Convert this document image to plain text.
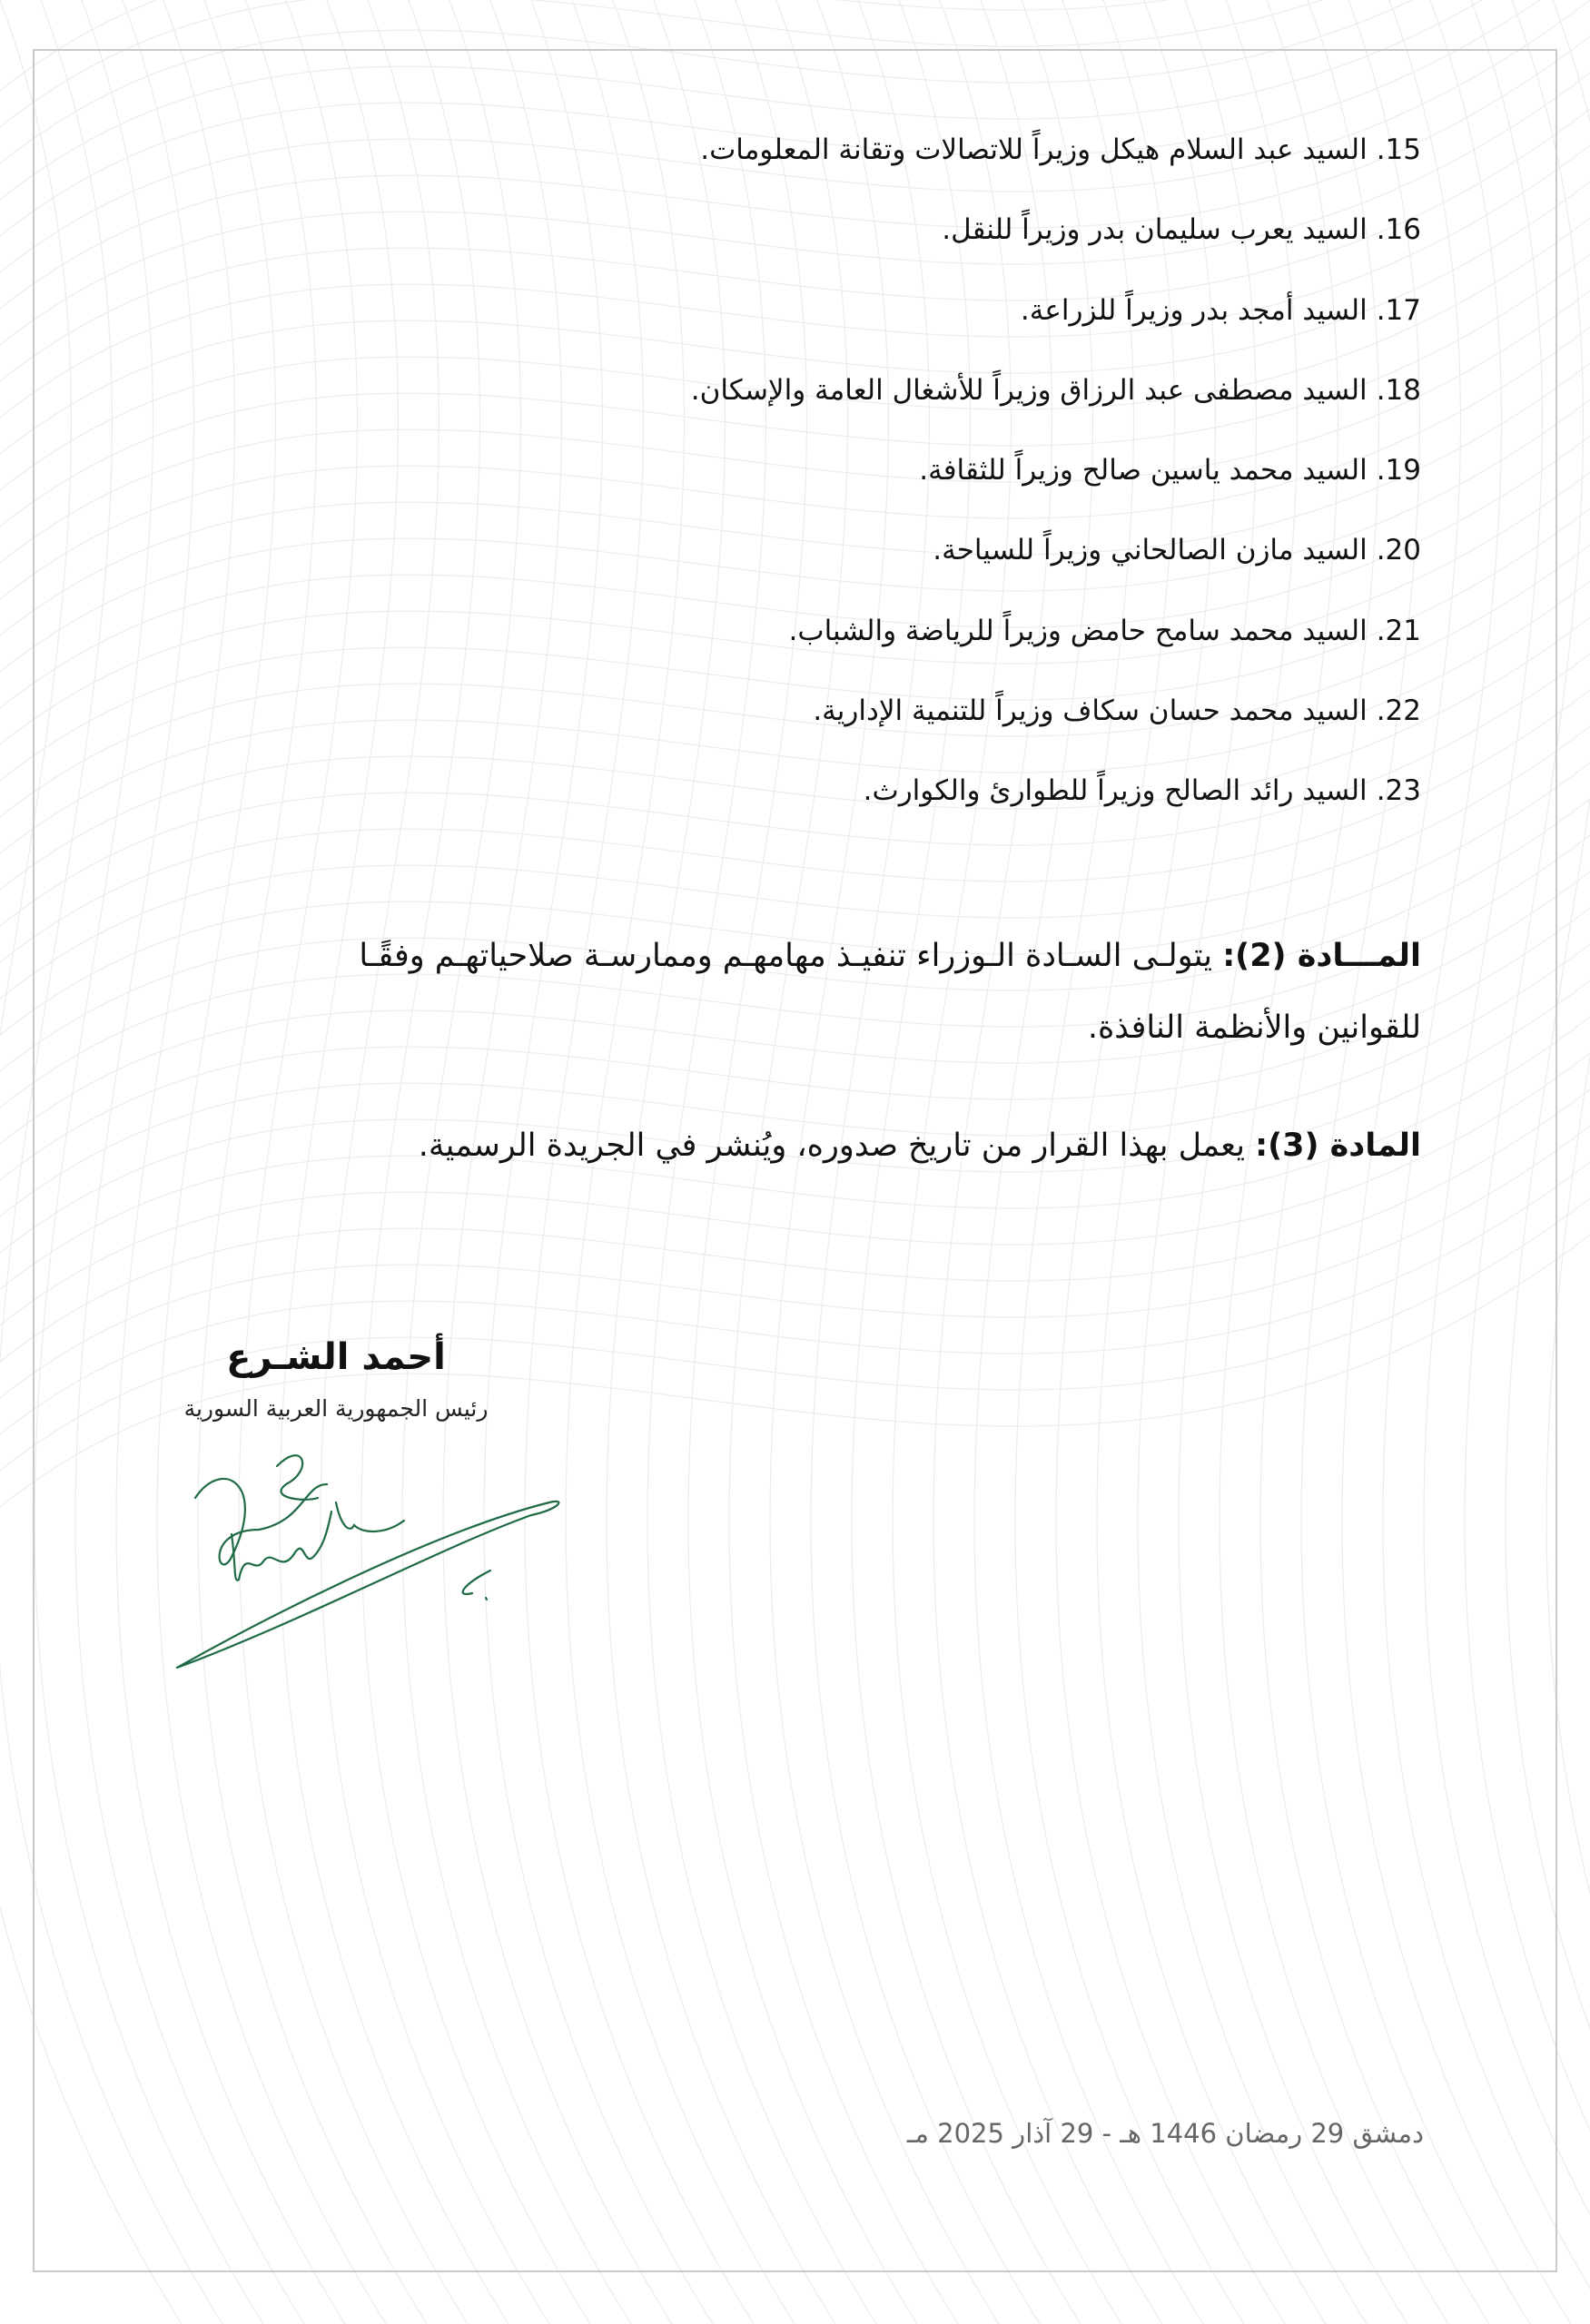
15.السيد عبد السلام هيكل وزيراً للاتصالات وتقانة المعلومات.
16.السيد يعرب سليمان بدر وزيراً للنقل.
17.السيد أمجد بدر وزيراً للزراعة.
18.السيد مصطفى عبد الرزاق وزيراً للأشغال العامة والإسكان.
19.السيد محمد ياسين صالح وزيراً للثقافة.
20.السيد مازن الصالحاني وزيراً للسياحة.
21.السيد محمد سامح حامض وزيراً للرياضة والشباب.
22.السيد محمد حسان سكاف وزيراً للتنمية الإدارية.
23.السيد رائد الصالح وزيراً للطوارئ والكوارث.
المـــادة (2): يتولـى السـادة الـوزراء تنفيـذ مهامهـم وممارسـة صلاحياتهـم وفقًـا
للقوانين والأنظمة النافذة.
المادة (3): يعمل بهذا القرار من تاريخ صدوره، ويُنشر في الجريدة الرسمية.
أحمد الشـرع
رئيس الجمهورية العربية السورية
دمشق 29 رمضان 1446 هـ - 29 آذار 2025 مـ
